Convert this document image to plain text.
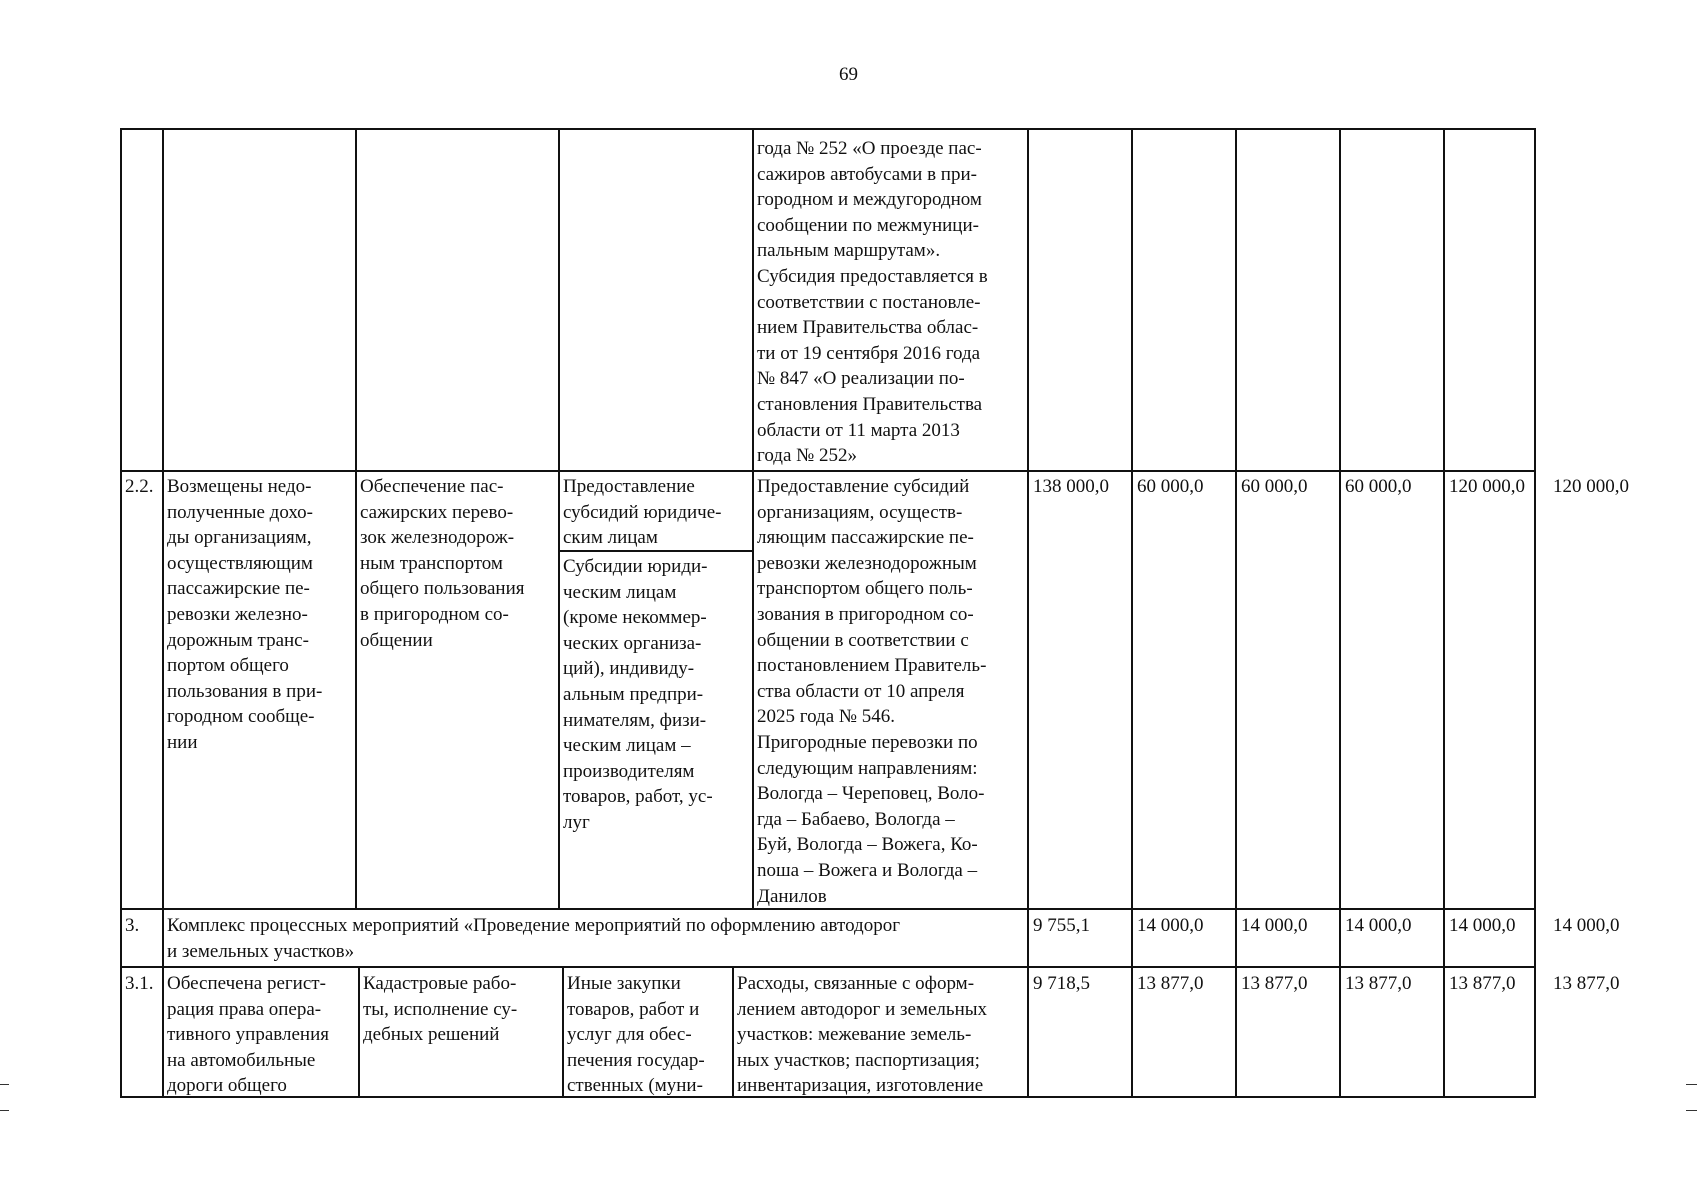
69
года № 252 «О проезде пас-
сажиров автобусами в при-
городном и междугородном
сообщении по межмуници-
пальным маршрутам».
Субсидия предоставляется в
соответствии с постановле-
нием Правительства облас-
ти от 19 сентября 2016 года
№ 847 «О реализации по-
становления Правительства
области от 11 марта 2013
года № 252»
2.2. Возмещены недо-
полученные дохо-
ды организациям,
осуществляющим
пассажирские пе-
ревозки железно-
дорожным транс-
портом общего
пользования в при-
городном сообще-
нии
Обеспечение пас-
сажирских перево-
зок железнодорож-
ным транспортом
общего пользования
в пригородном со-
общении
Предоставление
субсидий юридиче-
ским лицам
Субсидии юриди-
ческим лицам
(кроме некоммер-
ческих организа-
ций), индивиду-
альным предпри-
нимателям, физи-
ческим лицам –
производителям
товаров, работ, ус-
луг
Предоставление субсидий
организациям, осуществ-
ляющим пассажирские пе-
ревозки железнодорожным
транспортом общего поль-
зования в пригородном со-
общении в соответствии с
постановлением Правитель-
ства области от 10 апреля
2025 года № 546.
Пригородные перевозки по
следующим направлениям:
Вологда – Череповец, Воло-
гда – Бабаево, Вологда –
Буй, Вологда – Вожега, Ко-
noша – Вожега и Вологда –
Данилов
138 000,0 60 000,0 60 000,0 60 000,0 120 000,0 120 000,0
3. Комплекс процессных мероприятий «Проведение мероприятий по оформлению автодорог
и земельных участков»
9 755,1 14 000,0 14 000,0 14 000,0 14 000,0 14 000,0
3.1. Обеспечена регист-
рация права опера-
тивного управления
на автомобильные
дороги общего
Кадастровые рабо-
ты, исполнение су-
дебных решений
Иные закупки
товаров, работ и
услуг для обес-
печения государ-
ственных (муни-
Расходы, связанные с оформ-
лением автодорог и земельных
участков: межевание земель-
ных участков; паспортизация;
инвентаризация, изготовление
9 718,5 13 877,0 13 877,0 13 877,0 13 877,0 13 877,0
